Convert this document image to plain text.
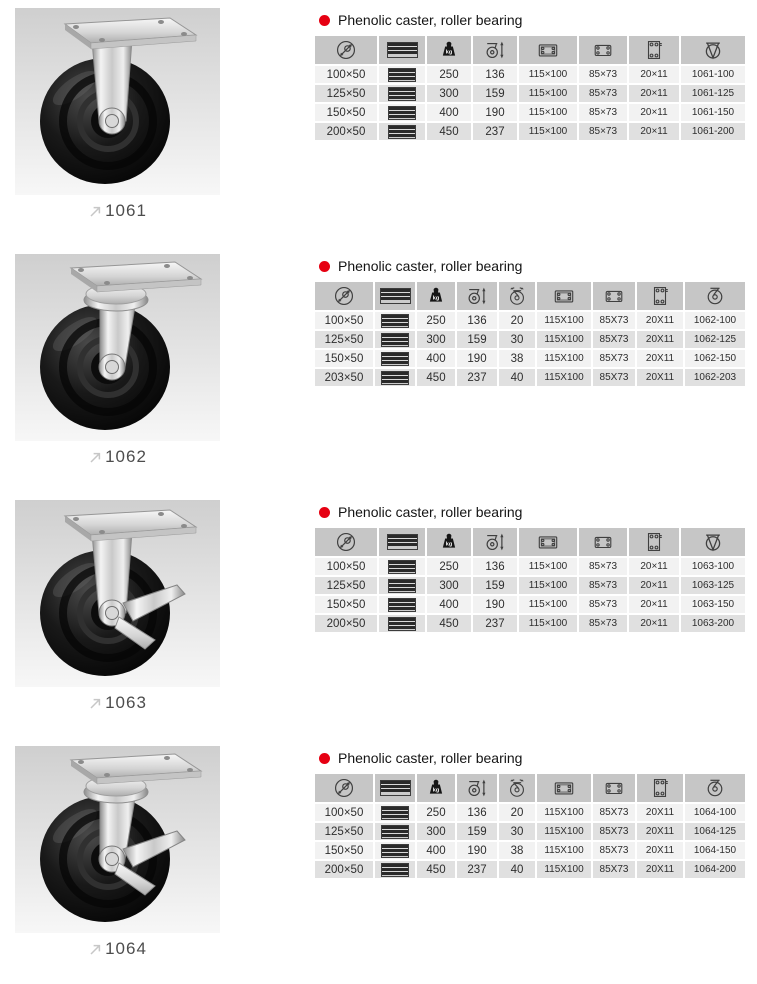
1061
Phenolic caster, roller bearing

100×50		250	136	115×100	85×73	20×11	1061-100
125×50		300	159	115×100	85×73	20×11	1061-125
150×50		400	190	115×100	85×73	20×11	1061-150
200×50		450	237	115×100	85×73	20×11	1061-200
1062
Phenolic caster, roller bearing

100×50		250	136	20	115X100	85X73	20X11	1062-100
125×50		300	159	30	115X100	85X73	20X11	1062-125
150×50		400	190	38	115X100	85X73	20X11	1062-150
203×50		450	237	40	115X100	85X73	20X11	1062-203
1063
Phenolic caster, roller bearing

100×50		250	136	115×100	85×73	20×11	1063-100
125×50		300	159	115×100	85×73	20×11	1063-125
150×50		400	190	115×100	85×73	20×11	1063-150
200×50		450	237	115×100	85×73	20×11	1063-200
1064
Phenolic caster, roller bearing

100×50		250	136	20	115X100	85X73	20X11	1064-100
125×50		300	159	30	115X100	85X73	20X11	1064-125
150×50		400	190	38	115X100	85X73	20X11	1064-150
200×50		450	237	40	115X100	85X73	20X11	1064-200
